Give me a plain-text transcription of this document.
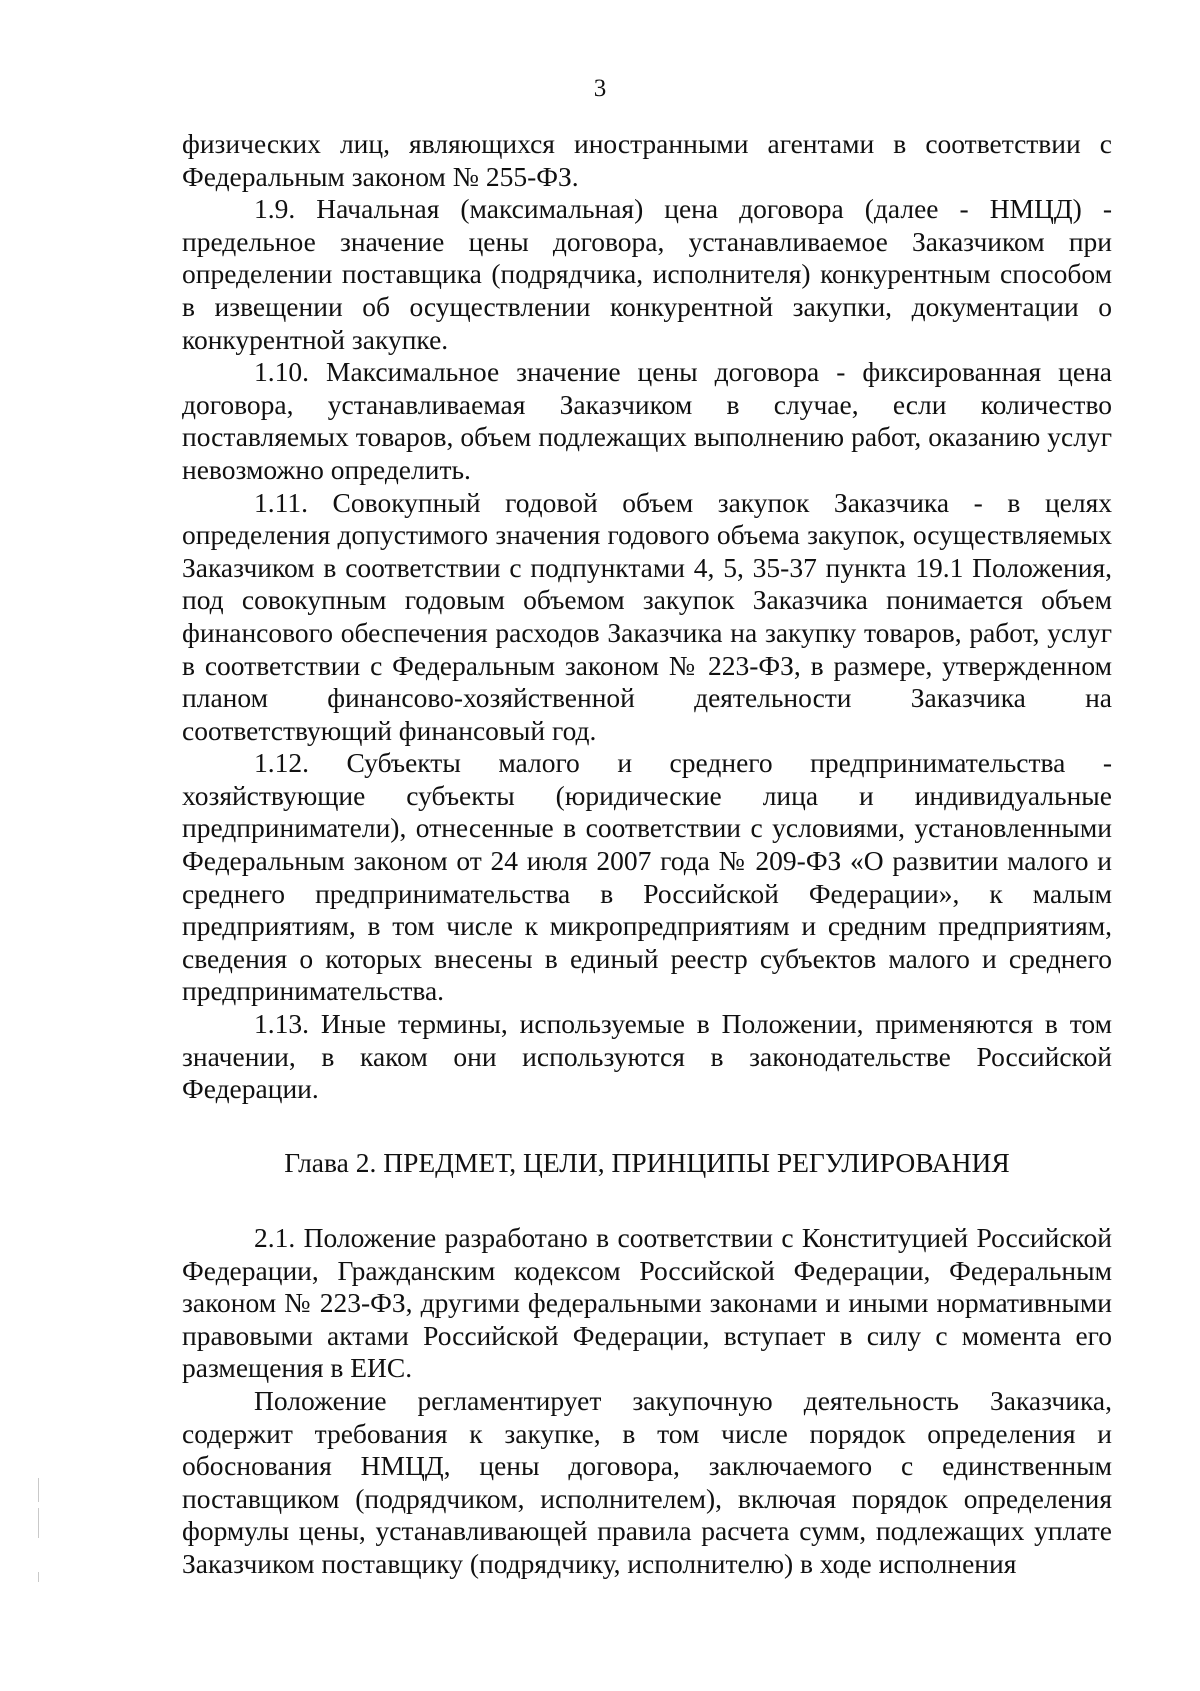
3

физических лиц, являющихся иностранными агентами в соответствии с Федеральным законом № 255-ФЗ.

1.9. Начальная (максимальная) цена договора (далее - НМЦД) - предельное значение цены договора, устанавливаемое Заказчиком при определении поставщика (подрядчика, исполнителя) конкурентным способом в извещении об осуществлении конкурентной закупки, документации о конкурентной закупке.

1.10. Максимальное значение цены договора - фиксированная цена договора, устанавливаемая Заказчиком в случае, если количество поставляемых товаров, объем подлежащих выполнению работ, оказанию услуг невозможно определить.

1.11. Совокупный годовой объем закупок Заказчика - в целях определения допустимого значения годового объема закупок, осуществляемых Заказчиком в соответствии с подпунктами 4, 5, 35-37 пункта 19.1 Положения, под совокупным годовым объемом закупок Заказчика понимается объем финансового обеспечения расходов Заказчика на закупку товаров, работ, услуг в соответствии с Федеральным законом № 223-ФЗ, в размере, утвержденном планом финансово-хозяйственной деятельности Заказчика на соответствующий финансовый год.

1.12. Субъекты малого и среднего предпринимательства - хозяйствующие субъекты (юридические лица и индивидуальные предприниматели), отнесенные в соответствии с условиями, установленными Федеральным законом от 24 июля 2007 года № 209-ФЗ «О развитии малого и среднего предпринимательства в Российской Федерации», к малым предприятиям, в том числе к микропредприятиям и средним предприятиям, сведения о которых внесены в единый реестр субъектов малого и среднего предпринимательства.

1.13. Иные термины, используемые в Положении, применяются в том значении, в каком они используются в законодательстве Российской Федерации.

Глава 2. ПРЕДМЕТ, ЦЕЛИ, ПРИНЦИПЫ РЕГУЛИРОВАНИЯ

2.1. Положение разработано в соответствии с Конституцией Российской Федерации, Гражданским кодексом Российской Федерации, Федеральным законом № 223-ФЗ, другими федеральными законами и иными нормативными правовыми актами Российской Федерации, вступает в силу с момента его размещения в ЕИС.

Положение регламентирует закупочную деятельность Заказчика, содержит требования к закупке, в том числе порядок определения и обоснования НМЦД, цены договора, заключаемого с единственным поставщиком (подрядчиком, исполнителем), включая порядок определения формулы цены, устанавливающей правила расчета сумм, подлежащих уплате Заказчиком поставщику (подрядчику, исполнителю) в ходе исполнения
